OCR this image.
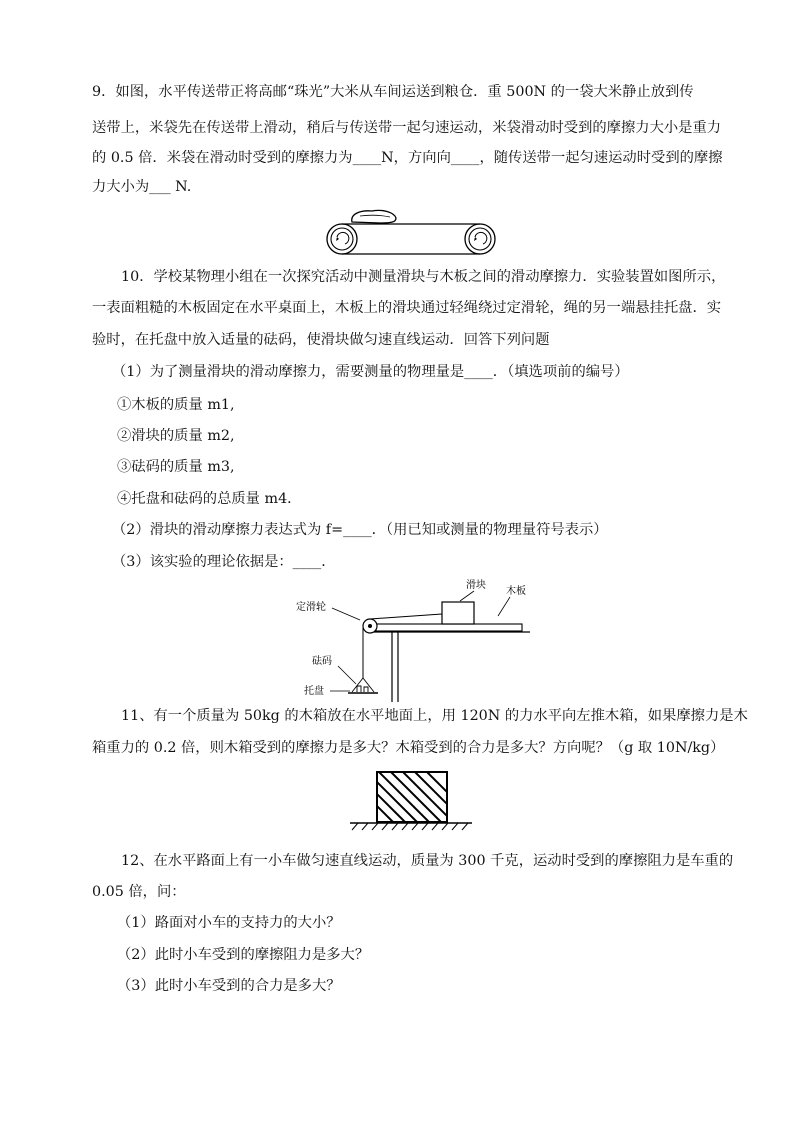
9．如图，水平传送带正将高邮“珠光”大米从车间运送到粮仓．重 500N 的一袋大米静止放到传
送带上，米袋先在传送带上滑动，稍后与传送带一起匀速运动，米袋滑动时受到的摩擦力大小是重力
的 0.5 倍．米袋在滑动时受到的摩擦力为____N，方向向____，随传送带一起匀速运动时受到的摩擦
力大小为___ N.
10．学校某物理小组在一次探究活动中测量滑块与木板之间的滑动摩擦力．实验装置如图所示，
一表面粗糙的木板固定在水平桌面上，木板上的滑块通过轻绳绕过定滑轮，绳的另一端悬挂托盘．实
验时，在托盘中放入适量的砝码，使滑块做匀速直线运动．回答下列问题
（1）为了测量滑块的滑动摩擦力，需要测量的物理量是____．（填选项前的编号）
①木板的质量 m1,
②滑块的质量 m2,
③砝码的质量 m3,
④托盘和砝码的总质量 m4．
（2）滑块的滑动摩擦力表达式为 f=____．（用已知或测量的物理量符号表示）
（3）该实验的理论依据是：____．
滑块
木板
定滑轮
砝码
托盘
11、有一个质量为 50kg 的木箱放在水平地面上，用 120N 的力水平向左推木箱，如果摩擦力是木
箱重力的 0.2 倍，则木箱受到的摩擦力是多大？木箱受到的合力是多大？方向呢？（g 取 10N/kg）
12、在水平路面上有一小车做匀速直线运动，质量为 300 千克，运动时受到的摩擦阻力是车重的
0.05 倍，问：
（1）路面对小车的支持力的大小？
（2）此时小车受到的摩擦阻力是多大？
（3）此时小车受到的合力是多大？
